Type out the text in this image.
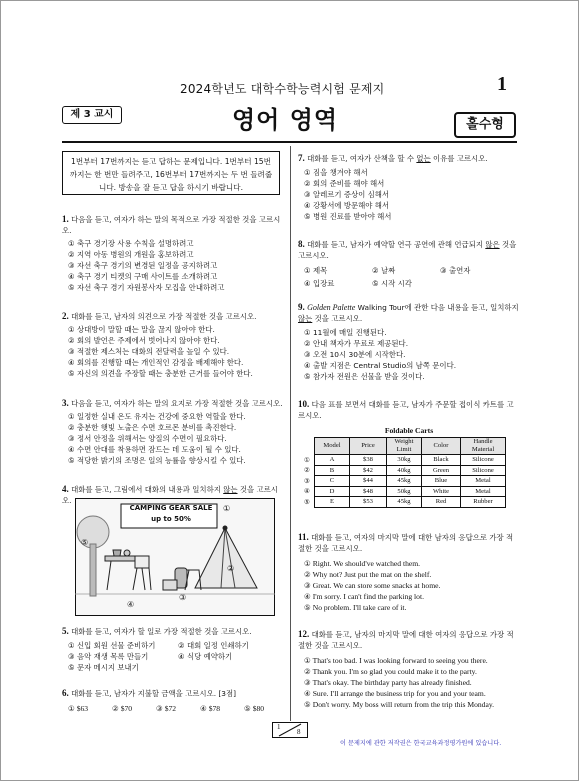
2024학년도 대학수학능력시험 문제지	1
제 3 교시	영어 영역	홀수형
1번부터 17번까지는 듣고 답하는 문제입니다. 1번부터 15번까지는 한 번만 들려주고, 16번부터 17번까지는 두 번 들려줍니다. 방송을 잘 듣고 답을 하시기 바랍니다.
1. 다음을 듣고, 여자가 하는 말의 목적으로 가장 적절한 것을 고르시오.
① 축구 경기장 사용 수칙을 설명하려고
② 지역 아동 병원의 개원을 홍보하려고
③ 자선 축구 경기의 변경된 일정을 공지하려고
④ 축구 경기 티켓의 구매 사이트를 소개하려고
⑤ 자선 축구 경기 자원봉사자 모집을 안내하려고
2. 대화를 듣고, 남자의 의견으로 가장 적절한 것을 고르시오.
① 상대방이 말할 때는 말을 끊지 않아야 한다.
② 회의 발언은 주제에서 벗어나지 않아야 한다.
③ 적절한 제스처는 대화의 전달력을 높일 수 있다.
④ 회의를 진행할 때는 개인적인 감정을 배제해야 한다.
⑤ 자신의 의견을 주장할 때는 충분한 근거를 들어야 한다.
3. 다음을 듣고, 여자가 하는 말의 요지로 가장 적절한 것을 고르시오.
① 일정한 실내 온도 유지는 건강에 중요한 역할을 한다.
② 충분한 햇빛 노출은 수면 호르몬 분비를 촉진한다.
③ 정서 안정을 위해서는 양질의 수면이 필요하다.
④ 수면 안대를 착용하면 잠드는 데 도움이 될 수 있다.
⑤ 적당한 밝기의 조명은 일의 능률을 향상시킬 수 있다.
4. 대화를 듣고, 그림에서 대화의 내용과 일치하지 않는 것을 고르시오.
CAMPING GEAR SALE
up to 50%
①
②
③
④
⑤
5. 대화를 듣고, 여자가 할 일로 가장 적절한 것을 고르시오.
① 신입 회원 선물 준비하기	② 대회 일정 인쇄하기
③ 음악 재생 목록 만들기	④ 식당 예약하기
⑤ 문자 메시지 보내기
6. 대화를 듣고, 남자가 지불할 금액을 고르시오. [3점]
① $63	② $70	③ $72	④ $78	⑤ $80
7. 대화를 듣고, 여자가 산책을 할 수 없는 이유를 고르시오.
① 짐을 챙겨야 해서
② 회의 준비를 해야 해서
③ 알레르기 증상이 심해서
④ 강황서에 방문해야 해서
⑤ 병원 진료를 받아야 해서
8. 대화를 듣고, 남자가 예약할 연극 공연에 관해 언급되지 않은 것을 고르시오.
① 제목	② 날짜	③ 출연자
④ 입장료	⑤ 시작 시각
9. Golden Palette Walking Tour에 관한 다음 내용을 듣고, 일치하지 않는 것을 고르시오.
① 11월에 매일 진행된다.
② 안내 책자가 무료로 제공된다.
③ 오전 10시 30분에 시작한다.
④ 출발 지점은 Central Studio의 남쪽 문이다.
⑤ 참가자 전원은 선물을 받을 것이다.
10. 다음 표를 보면서 대화를 듣고, 남자가 주문할 접이식 카트를 고르시오.
Foldable Carts
	Model	Price	Weight Limit	Color	Handle Material
①	A	$38	30kg	Black	Silicone
②	B	$42	40kg	Green	Silicone
③	C	$44	45kg	Blue	Metal
④	D	$48	50kg	White	Metal
⑤	E	$53	45kg	Red	Rubber
11. 대화를 듣고, 여자의 마지막 말에 대한 남자의 응답으로 가장 적절한 것을 고르시오.
① Right. We should've watched them.
② Why not? Just put the mat on the shelf.
③ Great. We can store some snacks at home.
④ I'm sorry. I can't find the parking lot.
⑤ No problem. I'll take care of it.
12. 대화를 듣고, 남자의 마지막 말에 대한 여자의 응답으로 가장 적절한 것을 고르시오.
① That's too bad. I was looking forward to seeing you there.
② Thank you. I'm so glad you could make it to the party.
③ That's okay. The birthday party has already finished.
④ Sure. I'll arrange the business trip for you and your team.
⑤ Don't worry. My boss will return from the trip this Monday.
1
8
이 문제지에 관한 저작권은 한국교육과정평가원에 있습니다.
